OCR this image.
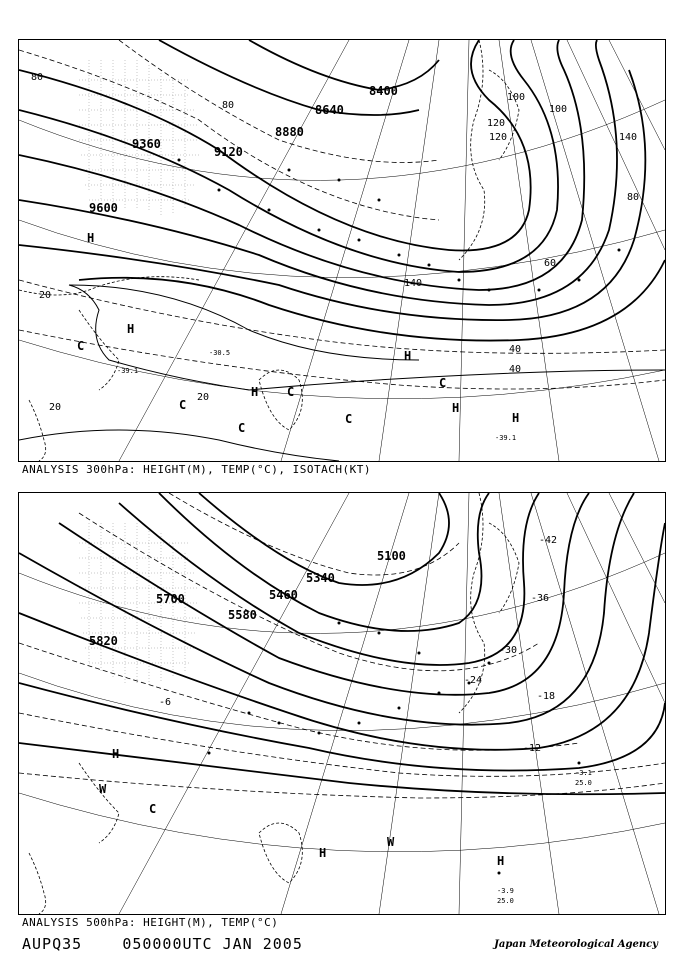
8400
8640
8880
9120
9360
9600
80
80	100
100
120
120
140
140
80
60
40
40
20
20
20
H
H
H
H
H
H
C
C
C
C
C
C
-39.1
-30.5
-39.1
ANALYSIS 300hPa: HEIGHT(M), TEMP(°C), ISOTACH(KT)
5100
5340
5460
5580
5700
5820
-42
-36
-30
-24
-18
-12
-6
H
H
H
W
W
C
-3.9
25.0
-3.1
25.0
ANALYSIS 500hPa: HEIGHT(M), TEMP(°C)
AUPQ35	050000UTC JAN 2005	Japan Meteorological Agency
